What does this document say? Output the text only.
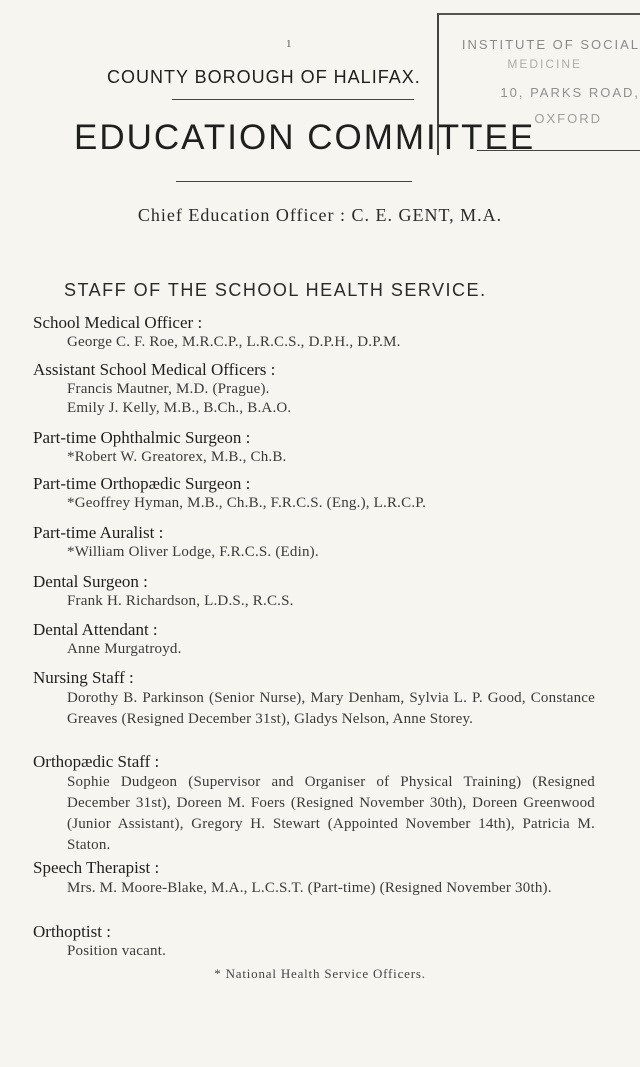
1	INSTITUTE OF SOCIAL
MEDICINE
10, PARKS ROAD,
OXFORD
COUNTY BOROUGH OF HALIFAX.
EDUCATION COMMITTEE
Chief Education Officer : C. E. GENT, M.A.
STAFF OF THE SCHOOL HEALTH SERVICE.
School Medical Officer :
George C. F. Roe, M.R.C.P., L.R.C.S., D.P.H., D.P.M.
Assistant School Medical Officers :
Francis Mautner, M.D. (Prague).
Emily J. Kelly, M.B., B.Ch., B.A.O.
Part-time Ophthalmic Surgeon :
*Robert W. Greatorex, M.B., Ch.B.
Part-time Orthopædic Surgeon :
*Geoffrey Hyman, M.B., Ch.B., F.R.C.S. (Eng.), L.R.C.P.
Part-time Auralist :
*William Oliver Lodge, F.R.C.S. (Edin).
Dental Surgeon :
Frank H. Richardson, L.D.S., R.C.S.
Dental Attendant :
Anne Murgatroyd.
Nursing Staff :
Dorothy B. Parkinson (Senior Nurse), Mary Denham, Sylvia L. P. Good, Constance Greaves (Resigned December 31st), Gladys Nelson, Anne Storey.
Orthopædic Staff :
Sophie Dudgeon (Supervisor and Organiser of Physical Training) (Resigned December 31st), Doreen M. Foers (Resigned November 30th), Doreen Greenwood (Junior Assistant), Gregory H. Stewart (Appointed November 14th), Patricia M. Staton.
Speech Therapist :
Mrs. M. Moore-Blake, M.A., L.C.S.T. (Part-time) (Resigned November 30th).
Orthoptist :
Position vacant.
* National Health Service Officers.
